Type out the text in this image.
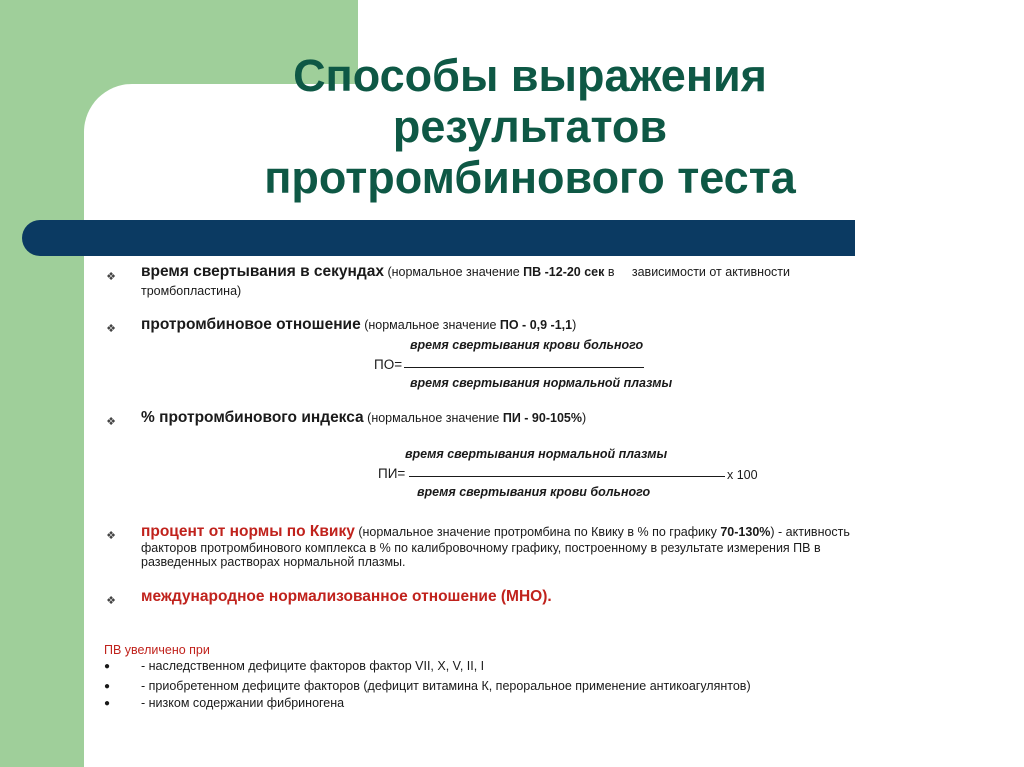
Способы выражения результатов протромбинового теста
❖ время свертывания в секундах (нормальное значение ПВ -12-20 сек в     зависимости от активности
тромбопластина)
❖ протромбиновое отношение (нормальное значение ПО - 0,9 -1,1)
время свертывания крови больного
ПО=
время свертывания нормальной плазмы
❖ % протромбинового индекса (нормальное значение ПИ - 90-105%)
время свертывания нормальной плазмы
ПИ=	х 100
время свертывания крови больного
❖ процент от нормы по Квику (нормальное значение протромбина по Квику в % по графику 70-130%) - активность
факторов протромбинового комплекса в % по калибровочному графику, построенному в результате измерения ПВ в
разведенных растворах нормальной плазмы.
❖ международное нормализованное отношение (МНО).
ПВ увеличено при
● - наследственном дефиците факторов фактор VII, X, V, II, I
● - приобретенном дефиците факторов (дефицит витамина К, пероральное применение антикоагулянтов)
● - низком содержании фибриногена
